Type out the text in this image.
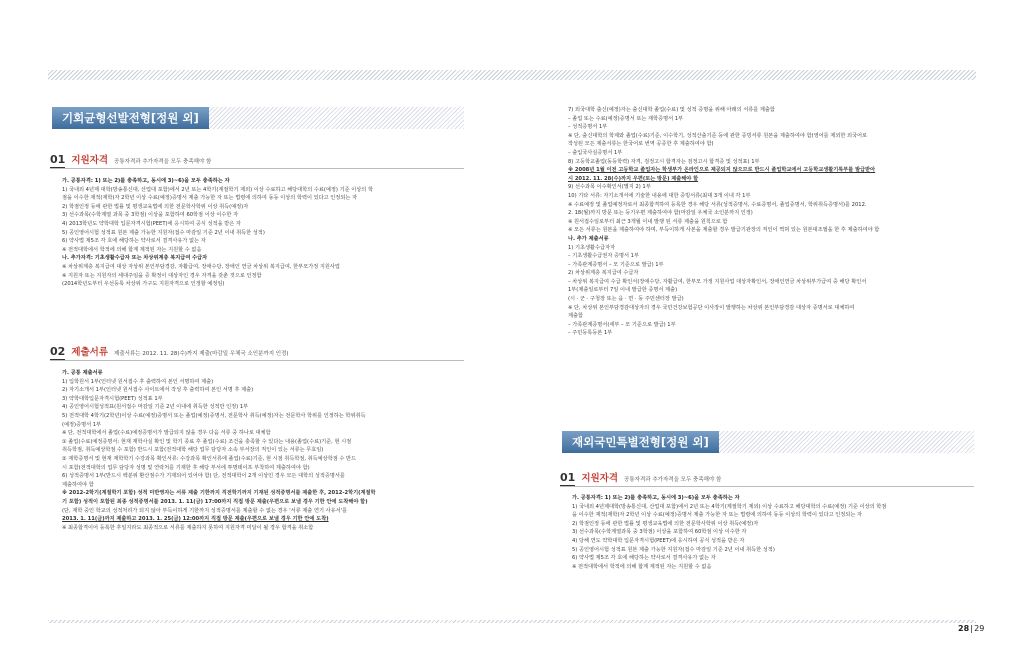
기회균형선발전형[정원 외]
01 지원자격 공통자격과 추가자격을 모두 충족해야 함
가. 공통자격: 1) 또는 2)를 충족하고, 동시에 3)~6)을 모두 충족하는 자
1) 국내외 4년제 대학(방송통신대, 산업대 포함)에서 2년 또는 4학기(계절학기 제외) 이상 수료하고 해당대학의 수료(예정) 기준 이상의 학
점을 이수한 재적(재학)자 2학년 이상 수료(예정)증명서 제출 가능한 자 또는 법령에 의하여 동등 이상의 학력이 있다고 인정되는 자
2) 학점인정 등에 관한 법률 및 평생교육법에 의한 전문학사학위 이상 취득(예정)자
3) 선수과목(수학계열 과목 중 3학점) 이상을 포함하여 60학점 이상 이수한 자
4) 2013학년도 약학대학 입문자격시험(PEET)에 응시하여 공식 성적을 받은 자
5) 공인영어시험 성적표 원본 제출 가능한 지원자(접수 마감일 기준 2년 이내 취득한 성적)
6) 약사법 제5조 각 호에 해당하는 약사로서 결격사유가 없는 자
※ 전적대학에서 학적에 의해 합계 제적된 자는 지원할 수 없음
나. 추가자격: 기초생활수급자 또는 차상위계층 복지급여 수급자
※ 차상위계층 복지급여 대상 자상위 본인부담경감, 자활급여, 장애수당, 장애인 연금 차상위 복지급여, 한부모가정 지원사업
※ 지원자 또는 지원자의 세대주임을 증 확정이 대상자인 경우 자격을 갖춘 것으로 인정함
(2014학년도부터 우선등록 차상위 가구도 지원자격으로 인정할 예정임)
02 제출서류 제출서류는 2012. 11. 28(수)까지 제출(마감일 우체국 소인분까지 인정)
가. 공통 제출서류
1) 입학원서 1부(인터넷 원서접수 후 출력하여 본인 서명하여 제출)
2) 자기소개서 1부(인터넷 원서접수 사이트에서 작성 후 출력하여 본인 서명 후 제출)
3) 약학대학입문자격시험(PEET) 성적표 1부
4) 공인영어시험성적표(원서접수 마감일 기준 2년 이내에 취득한 성적만 인정) 1부
5) 전적대학 4학기(2학년)이상 수료(예정)증명서 또는 졸업(예정)증명서, 전문학사 취득(예정)자는 전문학사 학위를 인정하는 학위취득
(예정)증명서 1부
※ 단, 전적대학에서 졸업(수료)예정증명서가 발급되지 않을 경우 다음 서류 중 하나로 대체함
① 졸업(수료)예정증명서: 현재 재학사실 확인 및 학기 종료 후 졸업(수료) 조건을 충족할 수 있다는 내용(졸업(수료)기준, 현 시점
취득학점, 취득예상학점 수 포함) 반드시 포함(전적대학 해당 업무 담당자 소속 부서장의 직인이 있는 서류는 무효임)
② 재학증명서 및 현재 재학학기 수강과목 확인서류: 수강과목 확인서류에 졸업(수료)기준, 현 시점 취득학점, 취득예상학점 수 반드
시 포함(전적대학의 업무 담당자 성명 및 연락처를 기재한 후 해당 부서에 투명테이프 부착하여 제출하여야 함)
6) 성적증명서 1부(반드시 백분위 환산점수가 기재되어 있어야 함) 단, 전적대학이 2개 이상인 경우 모든 대학의 성적증명서를
제출하여야 함
※ 2012-2학기(계절학기 포함) 성적 미반영자는 서류 제출 기한까지 직전학기까지 기재된 성적증명서를 제출한 후, 2012-2학기(계절학
기 포함) 성적이 포함된 최종 성적증명서를 2013. 1. 11(금) 17:00까지 직접 방문 제출(우편으로 보낼 경우 기한 안에 도착해야 함)
(단, 재학 중인 학교의 성적처리가 되지 않아 부득이하게 기한까지 성적증명서를 제출할 수 없는 경우 '서류 제출 연기 사유서'를
2013. 1. 11(금)까지 제출하고 2013. 1. 25(금) 12:00까지 직접 방문 제출(우편으로 보낼 경우 기한 안에 도착)
※ 최종합격이어 등록한 후일지라도 최종적으로 서류를 제출하지 못하여 지원자격 미달이 될 경우 합격을 취소함
7) 외국대학 출신(예정)자는 출신대학 졸업(수료) 및 성적 증명을 위해 아래의 서류를 제출함
– 졸업 또는 수료(예정)증명서 또는 재학증명서 1부
– 성적증명서 1부
※ 단, 출신대학의 학제와 졸업(수료)기준, 이수학기, 성적산출기준 등에 관한 증빙서류 원본을 제출하여야 함(영어를 제외한 외국어로
작성된 모든 제출서류는 한국어로 번역 공증한 후 제출하여야 함)
– 출입국사실증명서 1부
8) 고등학교졸업(동등학력) 자격, 검정고시 합격자는 검정고시 합격증 및 성적표) 1부
※ 2008년 1월 이전 고등학교 졸업자는 학생부가 온라인으로 제공되지 않으므로 반드시 졸업학교에서 고등학교생활기록부를 발급받아
시 2012. 11. 28(수)까지 우편(또는 방문) 제출해야 함
9) 선수과목 이수확인서(별지 2) 1부
10) 기타 서류: 자기소개서에 기술한 내용에 대한 증빙서류(최대 3개 이내 각 1부
※ 수료예정 및 졸업예정자로서 최종합격하여 등록한 경우 해당 서류(성적증명서, 수료증명서, 졸업증명서, 학위취득증명서)를 2012.
2. 18(월)까지 방문 또는 등기우편 제출하여야 함(마감일 우체국 소인분까지 인정)
※ 원서접수일로부터 최근 3개월 이내 발행 된 서류 제출을 원칙으로 함
※ 모든 서류는 원본을 제출하여야 하며, 부득이하게 사본을 제출할 경우 발급기관장의 직인이 찍혀 있는 원본대조필을 한 후 제출하여야 함
나. 추가 제출서류
1) 기초생활수급자자
– 기초생활수급권자 증명서 1부
– 가족관계증명서 – 모 기준으로 발급) 1부
2) 차상위계층 복지급여 수급자
– 차상위 복지급여 수급 확인서(장애수당, 자활급여, 한부모 가정 지원사업 대상자확인서, 장애인연금 차상위부가급여 중 해당 확인서
1부(제출일로부터 7일 이내 발급한 증명서 제출)
(시 · 군 · 구청장 또는 읍 · 면 · 동 주민센터장 발급)
※ 단, 차상위 본인부담경감대상자의 경우 국민건강보험공단 이사장이 발행하는 차상위 본인부담경감 대상자 증명서로 대체하여
제출함
– 가족관계증명서(세부 – 모 기준으로 발급) 1부
– 주민등록등본 1부
재외국민특별전형[정원 외]
01 지원자격 공통자격과 추가자격을 모두 충족해야 함
가. 공통자격: 1) 또는 2)를 충족하고, 동시에 3)~6)을 모두 충족하는 자
1) 국내외 4년제대학(방송통신대, 산업대 포함)에서 2년 또는 4학기(계절학기 제외) 이상 수료하고 해당대학의 수료(예정) 기준 이상의 학점
을 이수한 재적(재학)자 2학년 이상 수료(예정)증명서 제출 가능한 자 또는 법령에 의하여 동등 이상의 학력이 있다고 인정되는 자
2) 학점인정 등에 관한 법률 및 평생교육법에 의한 전문학사학위 이상 취득(예정)자
3) 선수과목(수학계열과목 중 3학점) 이상을 포함하여 60학점 이상 이수한 자
4) 당해 연도 약학대학 입문자격시험(PEET)에 응시하여 공식 성적을 받은 자
5) 공인영어시험 성적표 원본 제출 가능한 지원자(접수 마감일 기준 2년 이내 취득한 성적)
6) 약사법 제5조 각 호에 해당하는 약사로서 결격사유가 없는 자
※ 전적대학에서 학적에 의해 합계 제적된 자는 지원할 수 없음
28 29
